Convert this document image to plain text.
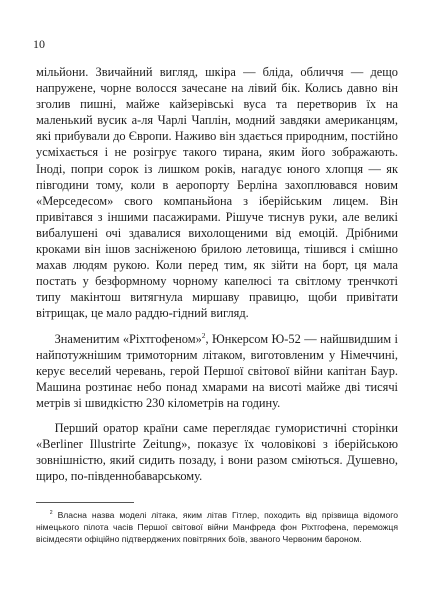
10

мільйони. Звичайний вигляд, шкіра — бліда, обличчя — дещо напружене, чорне волосся зачесане на лівий бік. Колись давно він зголив пишні, майже кайзерівські вуса та перетворив їх на маленький вусик а-ля Чарлі Чаплін, модний завдяки американцям, які прибували до Європи. Наживо він здається природним, постійно усміхається і не розігрує такого тирана, яким його зображають. Іноді, попри сорок із лишком років, нагадує юного хлопця — як півгодини тому, коли в аеропорту Берліна захоплювався новим «Мерседесом» свого компаньйона з іберійським лицем. Він привітався з іншими пасажирами. Рішуче тиснув руки, але великі вибалушені очі здавалися вихолощеними від емоцій. Дрібними кроками він ішов засніженою брилою летовища, тішився і смішно махав людям рукою. Коли перед тим, як зійти на борт, ця мала постать у безформному чорному капелюсі та світлому тренчкоті типу макінтош витягнула миршаву правицю, щоби привітати вітрищак, це мало раддю-гідний вигляд.

Знаменитим «Ріхтгофеном»$^2$, Юнкерсом Ю-52 — найшвидшим і найпотужнішим тримоторним літаком, виготовленим у Німеччині, керує веселий черевань, герой Першої світової війни капітан Баур. Машина розтинає небо понад хмарами на висоті майже дві тисячі метрів зі швидкістю 230 кілометрів на годину.

Перший оратор країни саме переглядає гумористичні сторінки «Berliner Illustrirte Zeitung», показує їх чоловікові з іберійською зовнішністю, який сидить позаду, і вони разом сміються. Душевно, щиро, по-південнобаварському.

$^2$ Власна назва моделі літака, яким літав Гітлер, походить від прізвища відомого німецького пілота часів Першої світової війни Манфреда фон Ріхтгофена, переможця вісімдесяти офіційно підтверджених повітряних боїв, званого Червоним бароном.
